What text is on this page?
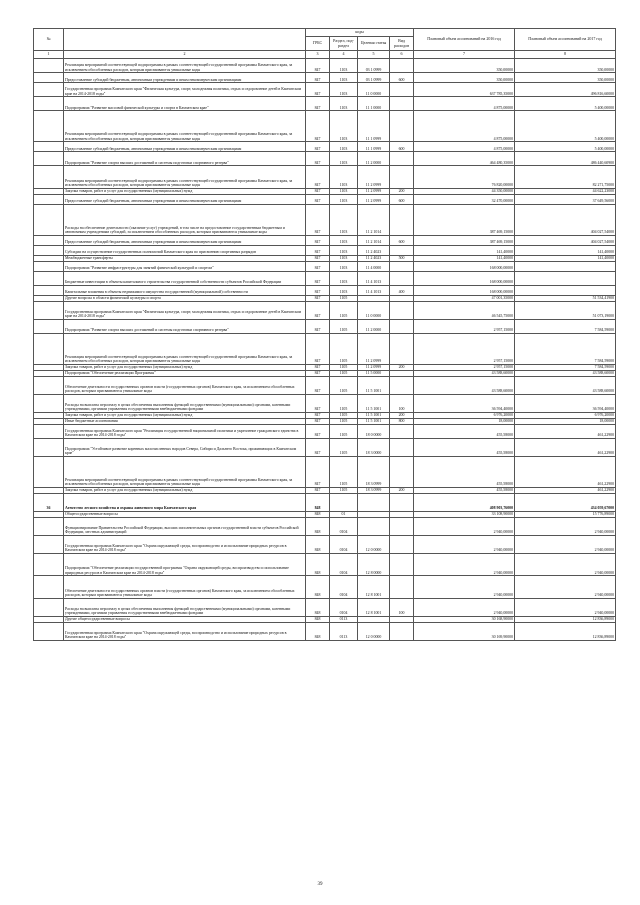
№		коды				Плановый объем ассигнований на 2016 год	Плановый объем ассигнований на 2017 год
		ГРБС	Раздел, под-раздел	Целевая статья	Вид расходов		
1	2	3	4	5	6	7	8
	Реализация мероприятий соответствующей подпрограммы в рамках соответствующей государственной программы Камчатского края, за исключением обособленных расходов, которым присваиваются уникальные коды	847	1103	03 1 0999		350,00000	350,00000
	Предоставление субсидий бюджетным, автономным учреждениям и иным некоммерческим организациям	847	1103	03 1 0999	600	350,00000	350,00000
	Государственная программа Камчатского края "Физическая культура, спорт, молодежная политика, отдых и оздоровление детей в Камчатском крае на 2014-2018 годы"	847	1103	11 0 0000		637 785,35000	496 816,60000
	Подпрограмма "Развитие массовой физической культуры и спорта в Камчатском крае"	847	1103	11 1 0000		4 875,00000	5 400,00000
	Реализация мероприятий соответствующей подпрограммы в рамках соответствующей государственной программы Камчатского края, за исключением обособленных расходов, которым присваиваются уникальные коды	847	1103	11 1 0999		4 875,00000	5 400,00000
	Предоставление субсидий бюджетным, автономным учреждениям и иным некоммерческим организациям	847	1103	11 1 0999	600	4 875,00000	5 400,00000
	Подпрограмма "Развитие спорта высших достижений и системы подготовки спортивного резерва"	847	1103	11 2 0000		464 480,35000	486 440,60900
	Реализация мероприятий соответствующей подпрограммы в рамках соответствующей государственной программы Камчатского края, за исключением обособленных расходов, которым присваиваются уникальные коды	847	1103	11 2 0999		76 820,00000	82 271,75000
	Закупка товаров, работ и услуг для государственных (муниципальных) нужд	847	1103	11 2 0999	200	44 350,00000	44 622,23000
	Предоставление субсидий бюджетным, автономным учреждениям и иным некоммерческим организациям	847	1103	11 2 0999	600	32 470,00000	37 649,56000
	Расходы на обеспечение деятельности (оказание услуг) учреждений, в том числе на предоставление государственным бюджетным и автономным учреждениям субсидий, за исключением обособленных расходов, которым присваиваются уникальные коды	847	1103	11 2 1014		387 469,15000	404 027,54000
	Предоставление субсидий бюджетным, автономным учреждениям и иным некоммерческим организациям	847	1103	11 2 1014	600	387 469,15000	404 027,54000
	Субсидии на осуществление государственных полномочий Камчатского края по присвоению спортивных разрядов	847	1103	11 2 4023		141,40000	141,40000
	Межбюджетные трансферты	847	1103	11 2 4023	500	141,40000	141,40000
	Подпрограмма "Развитие инфраструктуры для занятий физической культурой и спортом"	847	1103	11 4 0000		168 000,00000	
	Бюджетные инвестиции в объекты капитального строительства государственной собственности субъектов Российской Федерации	847	1103	11 4 1013		168 000,00000	
	Капитальные вложения в объекты недвижимого имущества государственной (муниципальной) собственности	847	1103	11 4 1013	400	168 000,00000	
	Другие вопросы в области физической культуры и спорта	847	1105			47 001,35000	51 534,41900
	Государственная программа Камчатского края "Физическая культура, спорт, молодежная политика, отдых и оздоровление детей в Камчатском крае на 2014-2018 годы"	847	1105	11 0 0000		46 545,75000	51 073,19000
	Подпрограмма "Развитие спорта высших достижений и системы подготовки спортивного резерва"	847	1105	11 2 0000		2 957,15000	7 584,59000
	Реализация мероприятий соответствующей подпрограммы в рамках соответствующей государственной программы Камчатского края, за исключением обособленных расходов, которым присваиваются уникальные коды	847	1105	11 2 0999		2 957,15000	7 584,59000
	Закупка товаров, работ и услуг для государственных (муниципальных) нужд	847	1105	11 2 0999	200	2 957,15000	7 584,59000
	Подпрограмма "Обеспечение реализации Программы"	847	1105	11 5 0000		43 588,60000	43 588,60000
	Обеспечение деятельности государственных органов власти (государственных органов) Камчатского края, за исключением обособленных расходов, которым присваиваются уникальные коды	847	1105	11 5 1001		43 588,60000	43 588,60000
	Расходы на выплаты персоналу в целях обеспечения выполнения функций государственными (муниципальными) органами, казенными учреждениями, органами управления государственными внебюджетными фондами	847	1105	11 5 1001	100	36 594,40000	36 594,40000
	Закупка товаров, работ и услуг для государственных (муниципальных) нужд	847	1105	11 5 1001	200	6 976,20000	6 976,20000
	Иные бюджетные ассигнования	847	1105	11 5 1001	800	18,00000	18,00000
	Государственная программа Камчатского края "Реализация государственной национальной политики и укрепление гражданского единства в Камчатском крае на 2014-2018 годы"	847	1105	18 0 0000		455,58000	461,22900
	Подпрограмма "Устойчивое развитие коренных малочисленных народов Севера, Сибири и Дальнего Востока, проживающих в Камчатском крае"	847	1105	18 3 0000		455,58000	461,22900
	Реализация мероприятий соответствующей подпрограммы в рамках соответствующей государственной программы Камчатского края, за исключением обособленных расходов, которым присваиваются уникальные коды	847	1105	18 3 0999		455,58000	461,22900
	Закупка товаров, работ и услуг для государственных (муниципальных) нужд	847	1105	18 3 0999	200	455,58000	461,22900
36	Агентство лесного хозяйства и охраны животного мира Камчатского края	848				408 903,76000	434 059,67000
	Общегосударственные вопросы	848	01			33 108,90000	15 776,89000
	Функционирование Правительства Российской Федерации, высших исполнительных органов государственной власти субъектов Российской Федерации, местных администраций	848	0104			2 940,00000	2 940,00000
	Государственная программа Камчатского края "Охрана окружающей среды, воспроизводство и использование природных ресурсов в Камчатском крае на 2014-2018 годы"	848	0104	12 0 0000		2 940,00000	2 940,00000
	Подпрограмма "Обеспечение реализации государственной программы "Охрана окружающей среды, воспроизводство и использование природных ресурсов в Камчатском крае на 2014-2018 годы"	848	0104	12 8 0000		2 940,00000	2 940,00000
	Обеспечение деятельности государственных органов власти (государственных органов) Камчатского края, за исключением обособленных расходов, которым присваиваются уникальные коды	848	0104	12 8 1001		2 940,00000	2 940,00000
	Расходы на выплаты персоналу в целях обеспечения выполнения функций государственными (муниципальными) органами, казенными учреждениями, органами управления государственными внебюджетными фондами	848	0104	12 8 1001	100	2 940,00000	2 940,00000
	Другие общегосударственные вопросы	848	0113			30 168,90000	12 836,89000
	Государственная программа Камчатского края "Охрана окружающей среды, воспроизводство и использование природных ресурсов в Камчатском крае на 2014-2018 годы"	848	0113	12 0 0000		30 169,90000	12 836,89000
39
